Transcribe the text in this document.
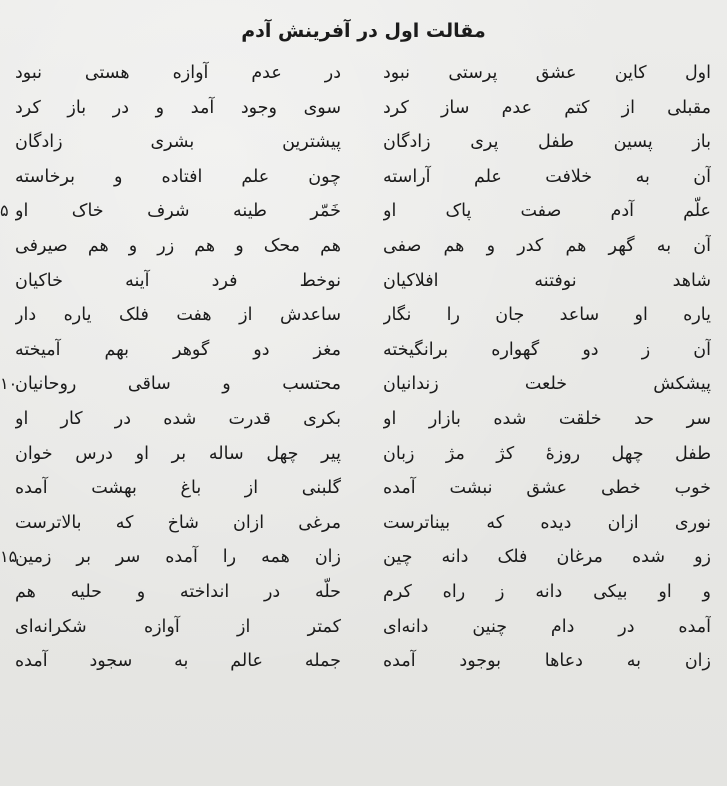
مقالت اول در آفرینش آدم
اول کاین عشق پرستی نبود
در عدم آوازه هستی نبود
مقبلی از کتم عدم ساز کرد
سوی وجود آمد و در باز کرد
باز پسین طفل پری زادگان
پیشترین بشری زادگان
آن به خلافت علم آراسته
چون علم افتاده و برخاسته
علّم آدم صفت پاک او
خَمّر طینه شرف خاک او
۵
آن به گهر هم کدر و هم صفی
هم محک و هم زر و هم صیرفی
شاهد نوفتنه افلاکیان
نوخط فرد آینه خاکیان
یاره او ساعد جان را نگار
ساعدش از هفت فلک یاره دار
آن ز دو گهواره برانگیخته
مغز دو گوهر بهم آمیخته
پیشکش خلعت زندانیان
محتسب و ساقی روحانیان
۱۰
سر حد خلقت شده بازار او
بکری قدرت شده در کار او
طفل چهل روزهٔ کژ مژ زبان
پیر چهل ساله بر او درس خوان
خوب خطی عشق نبشت آمده
گلبنی از باغ بهشت آمده
نوری ازان دیده که بیناترست
مرغی ازان شاخ که بالاترست
زو شده مرغان فلک دانه چین
زان همه را آمده سر بر زمین
۱۵
و او بیکی دانه ز راه کرم
حلّه در انداخته و حلیه هم
آمده در دام چنین دانه‌ای
کمتر از آوازه شکرانه‌ای
زان به دعاها بوجود آمده
جمله عالم به سجود آمده
